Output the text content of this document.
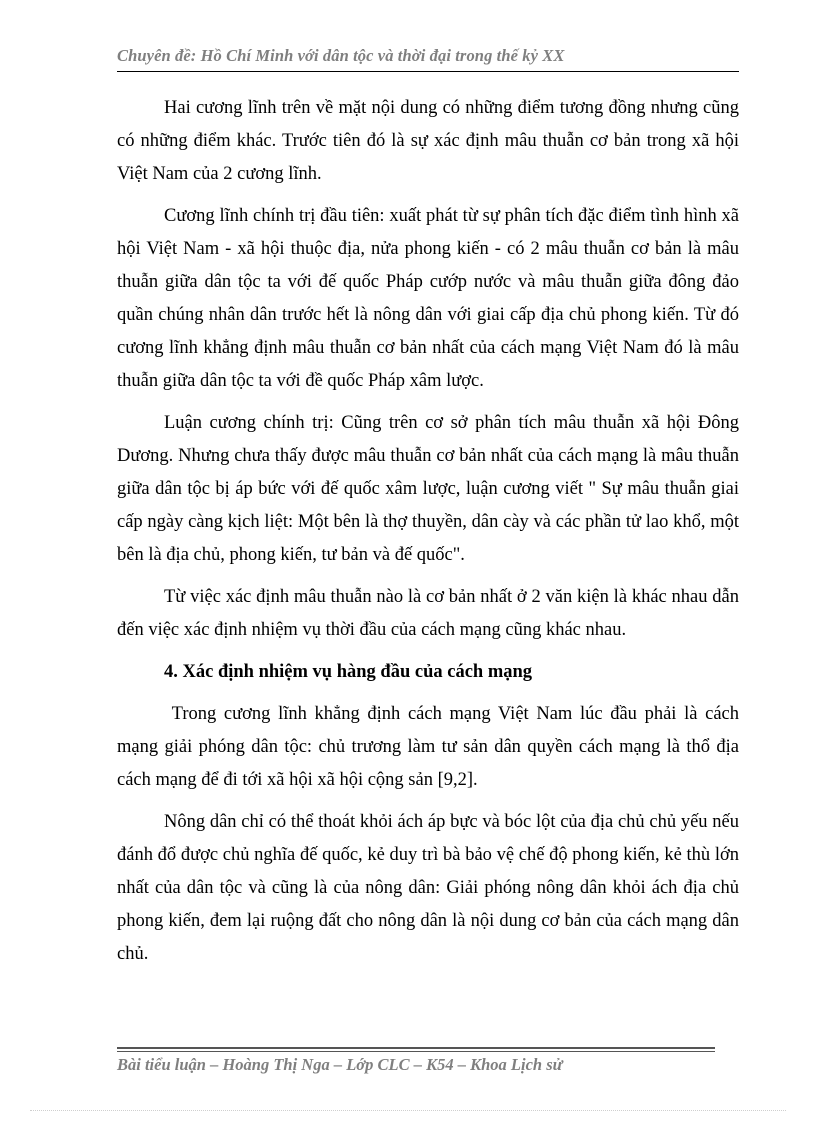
Chuyên đề: Hồ Chí Minh với dân tộc và thời đại trong thế kỷ XX

Hai cương lĩnh trên về mặt nội dung có những điểm tương đồng nhưng cũng có những điểm khác. Trước tiên đó là sự xác định mâu thuẫn cơ bản trong xã hội Việt Nam của 2 cương lĩnh.

Cương lĩnh chính trị đầu tiên: xuất phát từ sự phân tích đặc điểm tình hình xã hội Việt Nam - xã hội thuộc địa, nửa phong kiến - có 2 mâu thuẫn cơ bản là mâu thuẫn giữa dân tộc ta với đế quốc Pháp cướp nước và mâu thuẫn giữa đông đảo quần chúng nhân dân trước hết là nông dân với giai cấp địa chủ phong kiến. Từ đó cương lĩnh khẳng định mâu thuẫn cơ bản nhất của cách mạng Việt Nam đó là mâu thuẫn giữa dân tộc ta với đề quốc Pháp xâm lược.

Luận cương chính trị: Cũng trên cơ sở phân tích mâu thuẫn xã hội Đông Dương. Nhưng chưa thấy được mâu thuẫn cơ bản nhất của cách mạng là mâu thuẫn giữa dân tộc bị áp bức với đế quốc xâm lược, luận cương viết " Sự mâu thuẫn giai cấp ngày càng kịch liệt: Một bên là thợ thuyền, dân cày và các phần tử lao khổ, một bên là địa chủ, phong kiến, tư bản và đế quốc".

Từ việc xác định mâu thuẫn nào là cơ bản nhất ở 2 văn kiện là khác nhau dẫn đến việc xác định nhiệm vụ thời đầu của cách mạng cũng khác nhau.

4. Xác định nhiệm vụ hàng đầu của cách mạng

Trong cương lĩnh khẳng định cách mạng Việt Nam lúc đầu phải là cách mạng giải phóng dân tộc: chủ trương làm tư sản dân quyền cách mạng là thổ địa cách mạng để đi tới xã hội xã hội cộng sản [9,2].

Nông dân chỉ có thể thoát khỏi ách áp bực và bóc lột của địa chủ chủ yếu nếu đánh đổ được chủ nghĩa đế quốc, kẻ duy trì bà bảo vệ chế độ phong kiến, kẻ thù lớn nhất của dân tộc và cũng là của nông dân: Giải phóng nông dân khỏi ách địa chủ phong kiến, đem lại ruộng đất cho nông dân là nội dung cơ bản của cách mạng dân chủ.

Bài tiểu luận – Hoàng Thị Nga – Lớp CLC – K54 – Khoa Lịch sử
